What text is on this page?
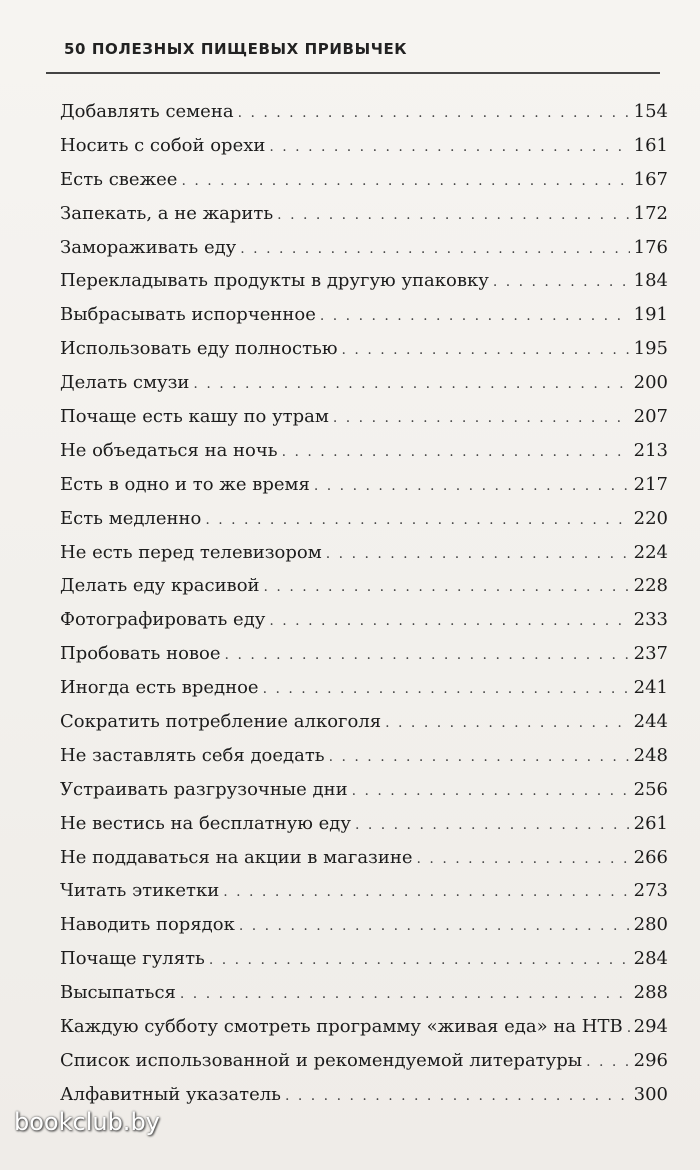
50 ПОЛЕЗНЫХ ПИЩЕВЫХ ПРИВЫЧЕК
Добавлять семена . . .	154
Носить с собой орехи . . .	161
Есть свежее . . .	167
Запекать, а не жарить . . .	172
Замораживать еду . . .	176
Перекладывать продукты в другую упаковку . . .	184
Выбрасывать испорченное . . .	191
Использовать еду полностью . . .	195
Делать смузи . . .	200
Почаще есть кашу по утрам . . .	207
Не объедаться на ночь . . .	213
Есть в одно и то же время . . .	217
Есть медленно . . .	220
Не есть перед телевизором . . .	224
Делать еду красивой . . .	228
Фотографировать еду . . .	233
Пробовать новое . . .	237
Иногда есть вредное . . .	241
Сократить потребление алкоголя . . .	244
Не заставлять себя доедать . . .	248
Устраивать разгрузочные дни . . .	256
Не вестись на бесплатную еду . . .	261
Не поддаваться на акции в магазине . . .	266
Читать этикетки . . .	273
Наводить порядок . . .	280
Почаще гулять . . .	284
Высыпаться . . .	288
Каждую субботу смотреть программу «живая еда» на НТВ . . . 294
Список использованной и рекомендуемой литературы . . .	296
Алфавитный указатель . . .	300
bookclub.by
